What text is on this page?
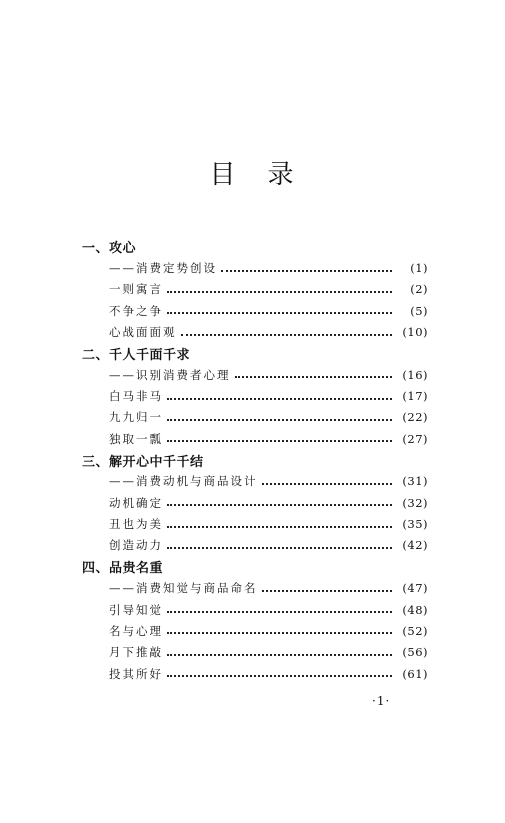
目 录
一、攻心
——消费定势创设	(1)
一则寓言	(2)
不争之争	(5)
心战面面观	(10)
二、千人千面千求
——识别消费者心理	(16)
白马非马	(17)
九九归一	(22)
独取一瓢	(27)
三、解开心中千千结
——消费动机与商品设计	(31)
动机确定	(32)
丑也为美	(35)
创造动力	(42)
四、品贵名重
——消费知觉与商品命名	(47)
引导知觉	(48)
名与心理	(52)
月下推敲	(56)
投其所好	(61)
·1·
